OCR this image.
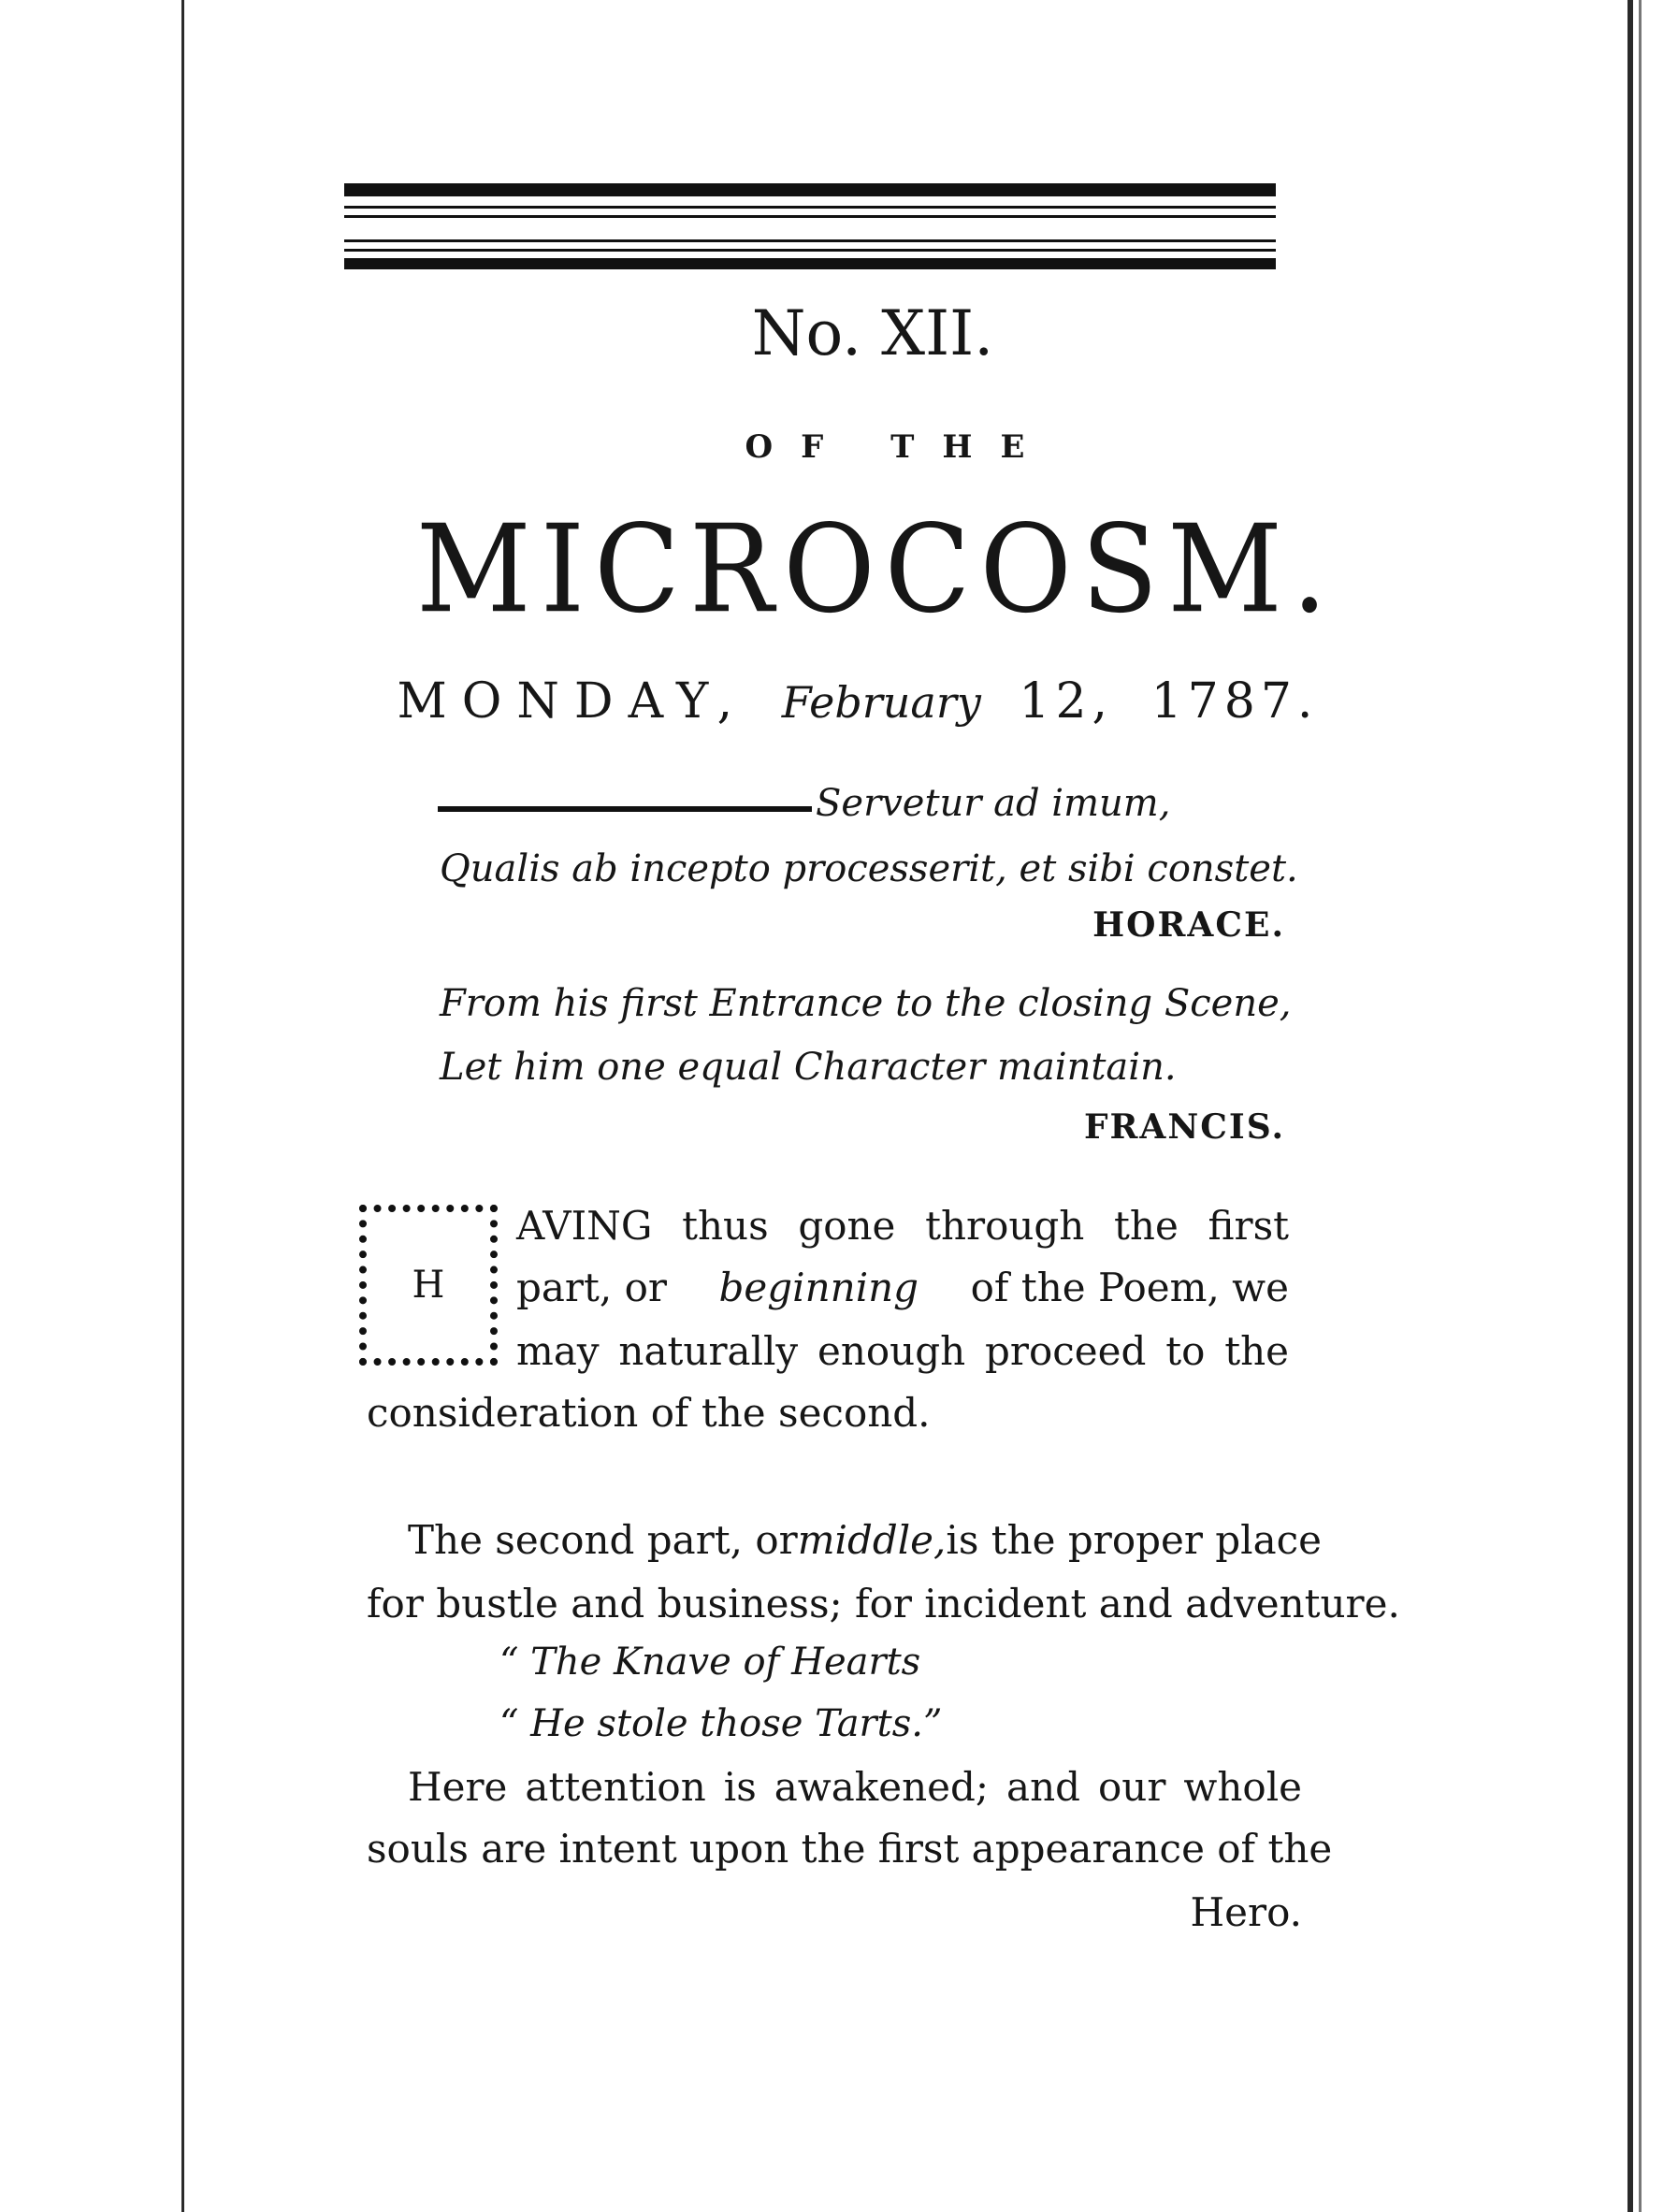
No. XII.
OF THE
MICROCOSM.
MONDAY, February 12, 1787.
Servetur ad imum,
Qualis ab incepto processerit, et sibi constet.
HORACE.
From his first Entrance to the closing Scene,
Let him one equal Character maintain.
FRANCIS.
H
AVING thus gone through the first
part, or beginning of the Poem, we
may naturally enough proceed to the
consideration of the second.
The second part, or middle, is the proper place
for bustle and business; for incident and adventure.
“ The Knave of Hearts
“ He stole those Tarts.”
Here attention is awakened; and our whole
souls are intent upon the first appearance of the
Hero.
